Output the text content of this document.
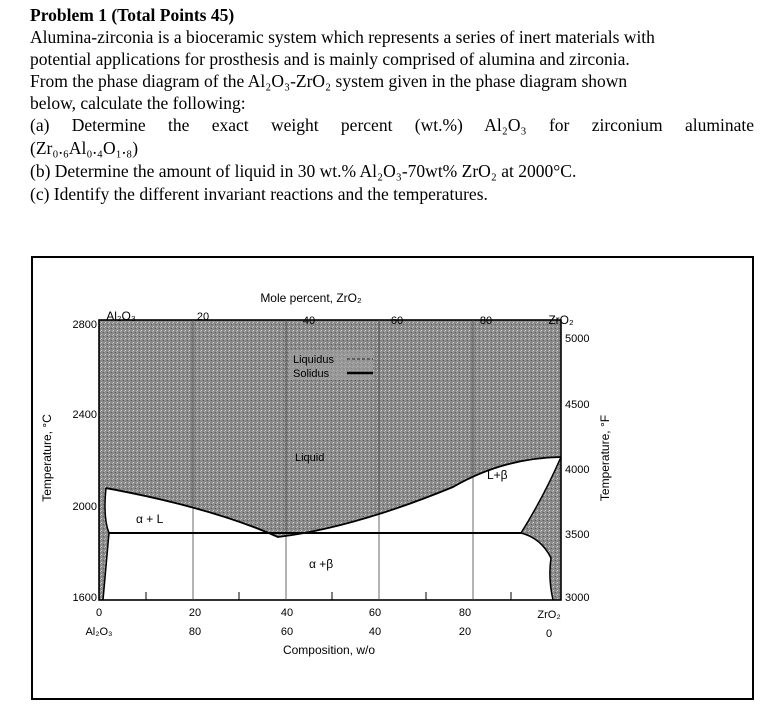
Problem 1 (Total Points 45)
Alumina-zirconia is a bioceramic system which represents a series of inert materials with
potential applications for prosthesis and is mainly comprised of alumina and zirconia.
From the phase diagram of the Al₂O₃-ZrO₂ system given in the phase diagram shown
below, calculate the following:
(a) Determine the exact weight percent (wt.%) Al₂O₃ for zirconium aluminate
(Zr₀.₆Al₀.₄O₁.₈)
(b) Determine the amount of liquid in 30 wt.% Al₂O₃-70wt% ZrO₂ at 2000°C.
(c) Identify the different invariant reactions and the temperatures.
Mole percent, ZrO₂
20	40	60	80
Al₂O₃	ZrO₂
2800
2400
2000
1600
Temperature, °C
5000
4500
4000
3500
3000
Temperature, °F
0	20	40	60	80
Al₂O₃	80	60	40	20
ZrO₂
0
Composition, w/o
Liquidus
Solidus
Liquid
α + L
L+β
α +β
